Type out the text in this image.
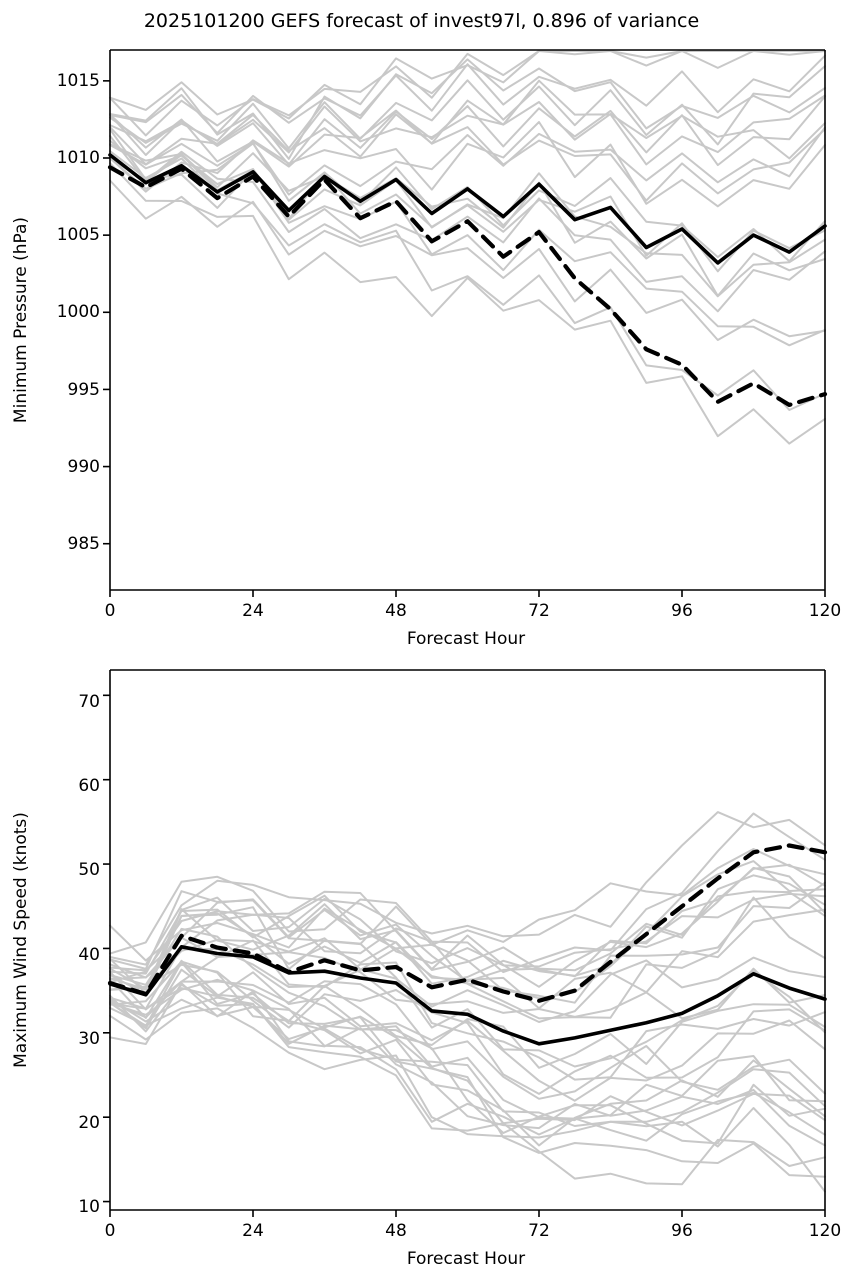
2025101200 GEFS forecast of invest97l, 0.896 of variance
0	24	48	72	96	120
1015
1010
1005
1000
995
990
985
Forecast Hour
Minimum Pressure (hPa)
0	24	48	72	96	120
70
60
50
40
30
20
10
Forecast Hour
Maximum Wind Speed (knots)
